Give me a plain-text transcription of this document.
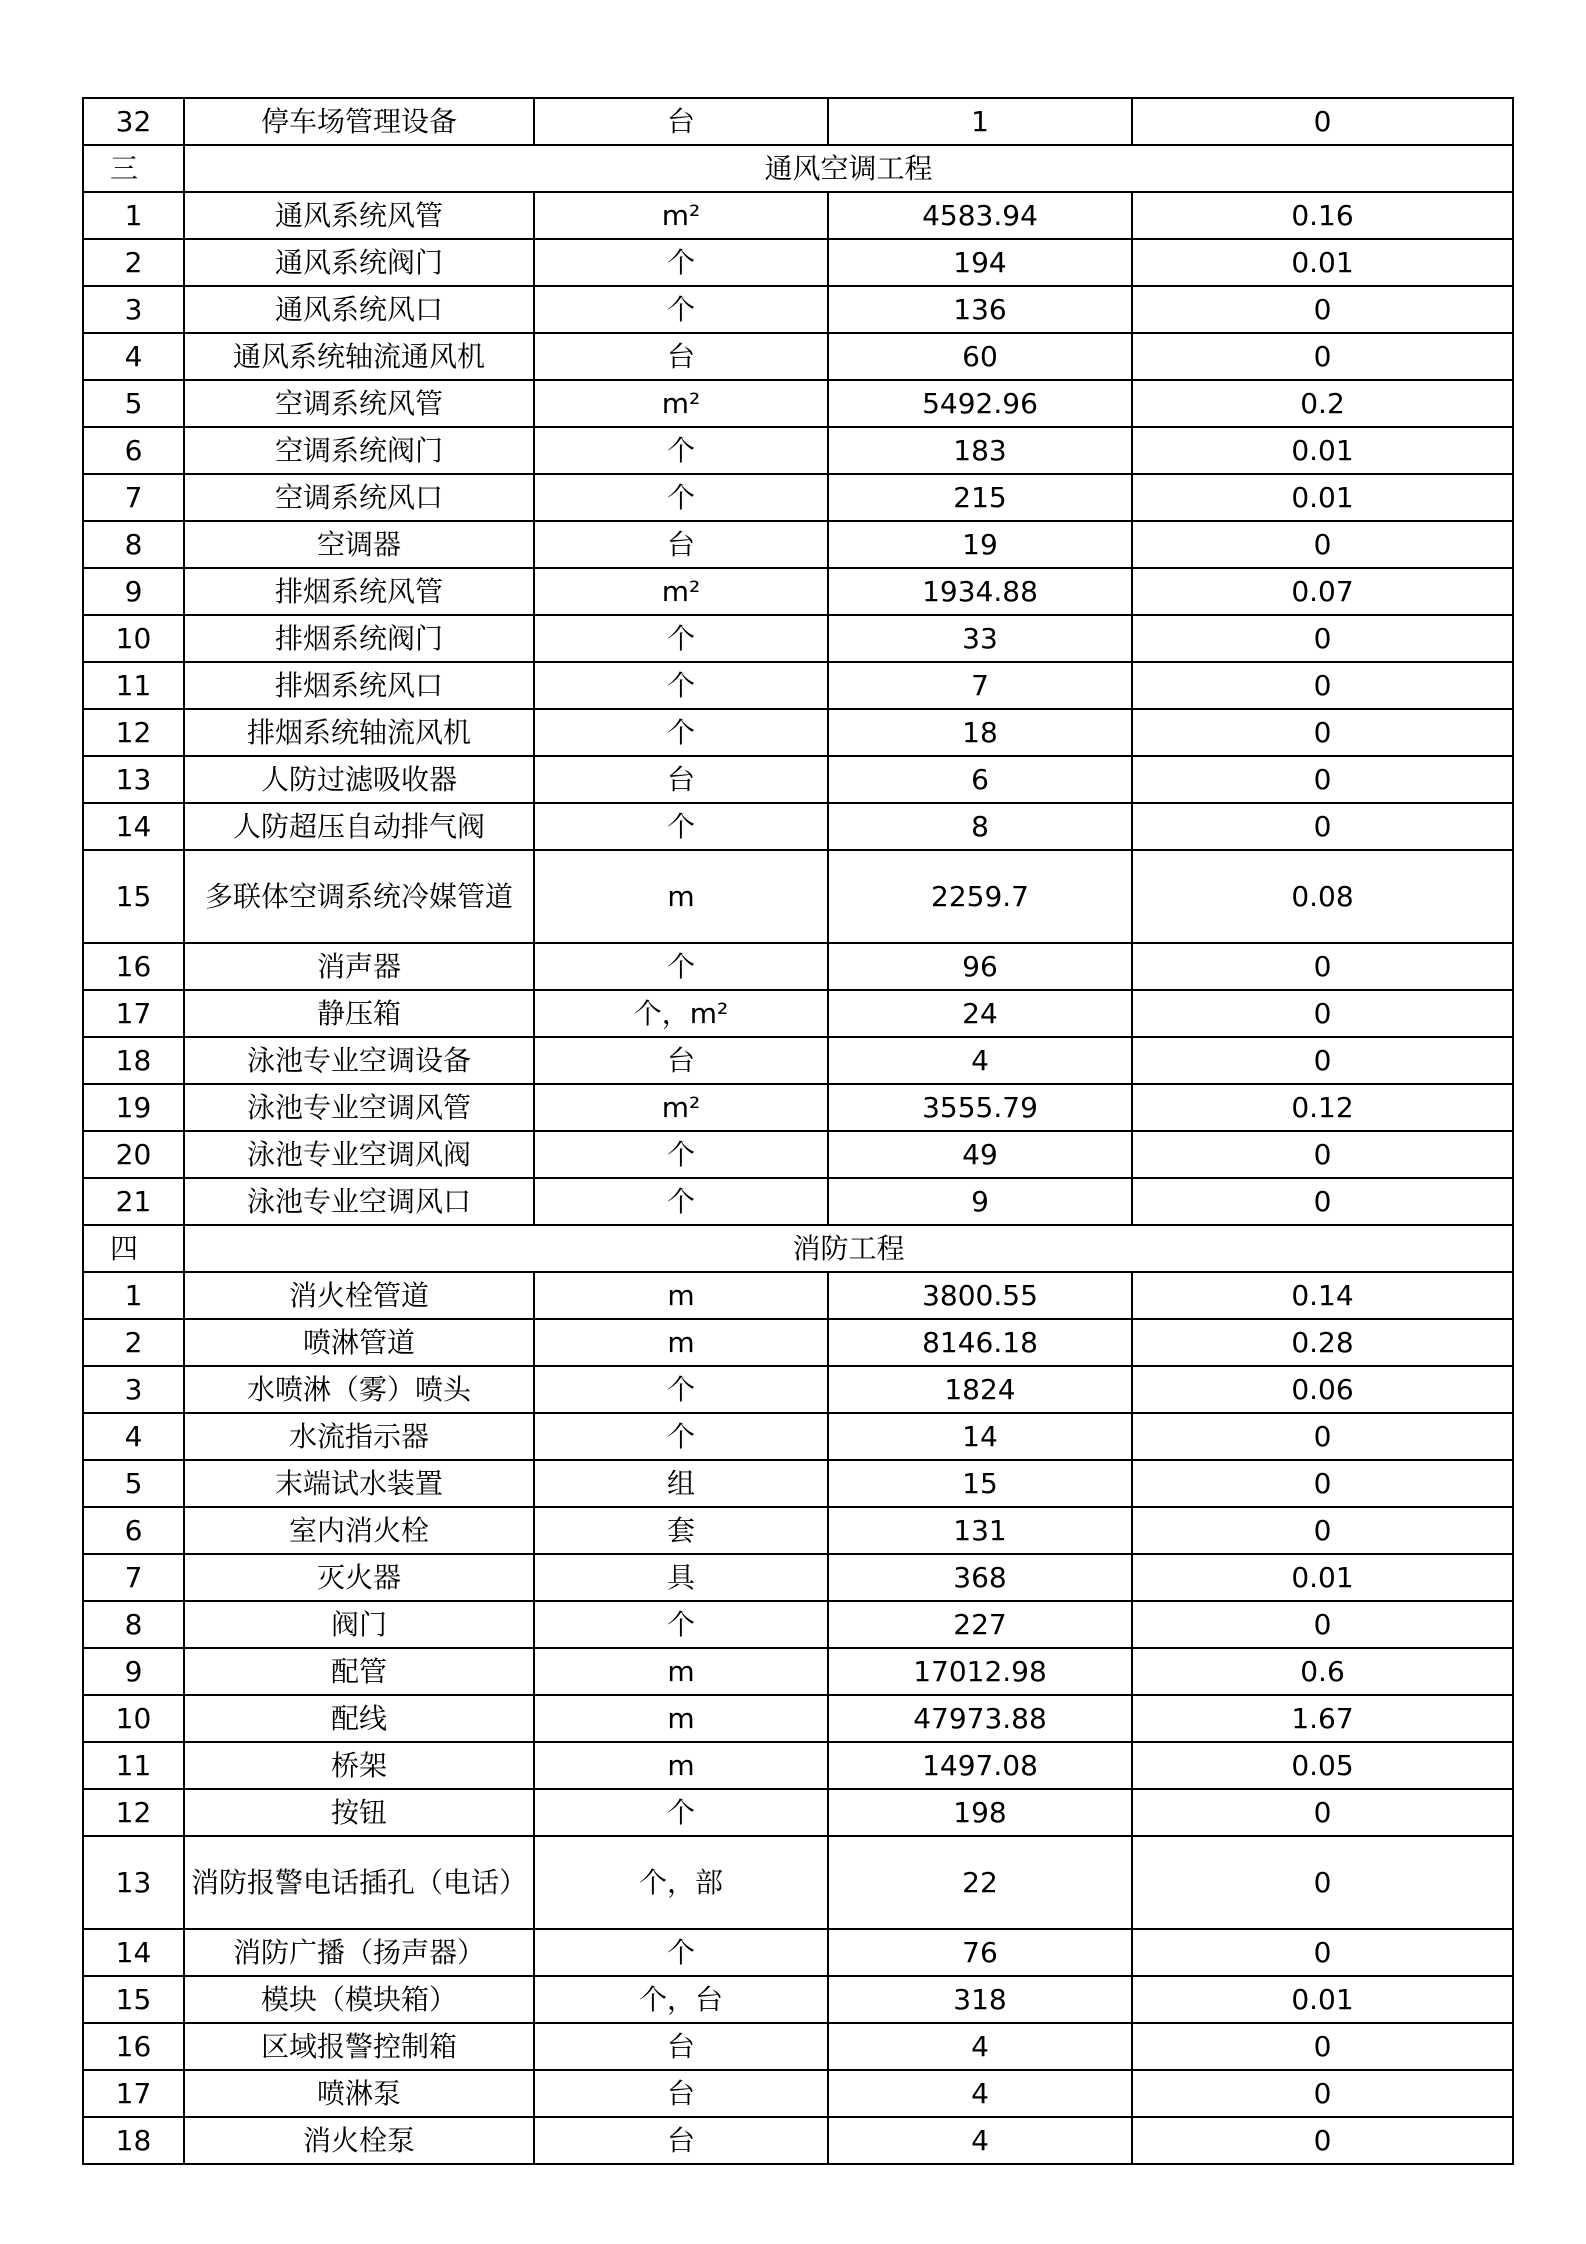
32	停车场管理设备	台	1	0
三	通风空调工程			
1	通风系统风管	m²	4583.94	0.16
2	通风系统阀门	个	194	0.01
3	通风系统风口	个	136	0
4	通风系统轴流通风机	台	60	0
5	空调系统风管	m²	5492.96	0.2
6	空调系统阀门	个	183	0.01
7	空调系统风口	个	215	0.01
8	空调器	台	19	0
9	排烟系统风管	m²	1934.88	0.07
10	排烟系统阀门	个	33	0
11	排烟系统风口	个	7	0
12	排烟系统轴流风机	个	18	0
13	人防过滤吸收器	台	6	0
14	人防超压自动排气阀	个	8	0
15	多联体空调系统冷媒管道	m	2259.7	0.08
16	消声器	个	96	0
17	静压箱	个，m²	24	0
18	泳池专业空调设备	台	4	0
19	泳池专业空调风管	m²	3555.79	0.12
20	泳池专业空调风阀	个	49	0
21	泳池专业空调风口	个	9	0
四	消防工程			
1	消火栓管道	m	3800.55	0.14
2	喷淋管道	m	8146.18	0.28
3	水喷淋（雾）喷头	个	1824	0.06
4	水流指示器	个	14	0
5	末端试水装置	组	15	0
6	室内消火栓	套	131	0
7	灭火器	具	368	0.01
8	阀门	个	227	0
9	配管	m	17012.98	0.6
10	配线	m	47973.88	1.67
11	桥架	m	1497.08	0.05
12	按钮	个	198	0
13	消防报警电话插孔（电话）	个，部	22	0
14	消防广播（扬声器）	个	76	0
15	模块（模块箱）	个，台	318	0.01
16	区域报警控制箱	台	4	0
17	喷淋泵	台	4	0
18	消火栓泵	台	4	0
